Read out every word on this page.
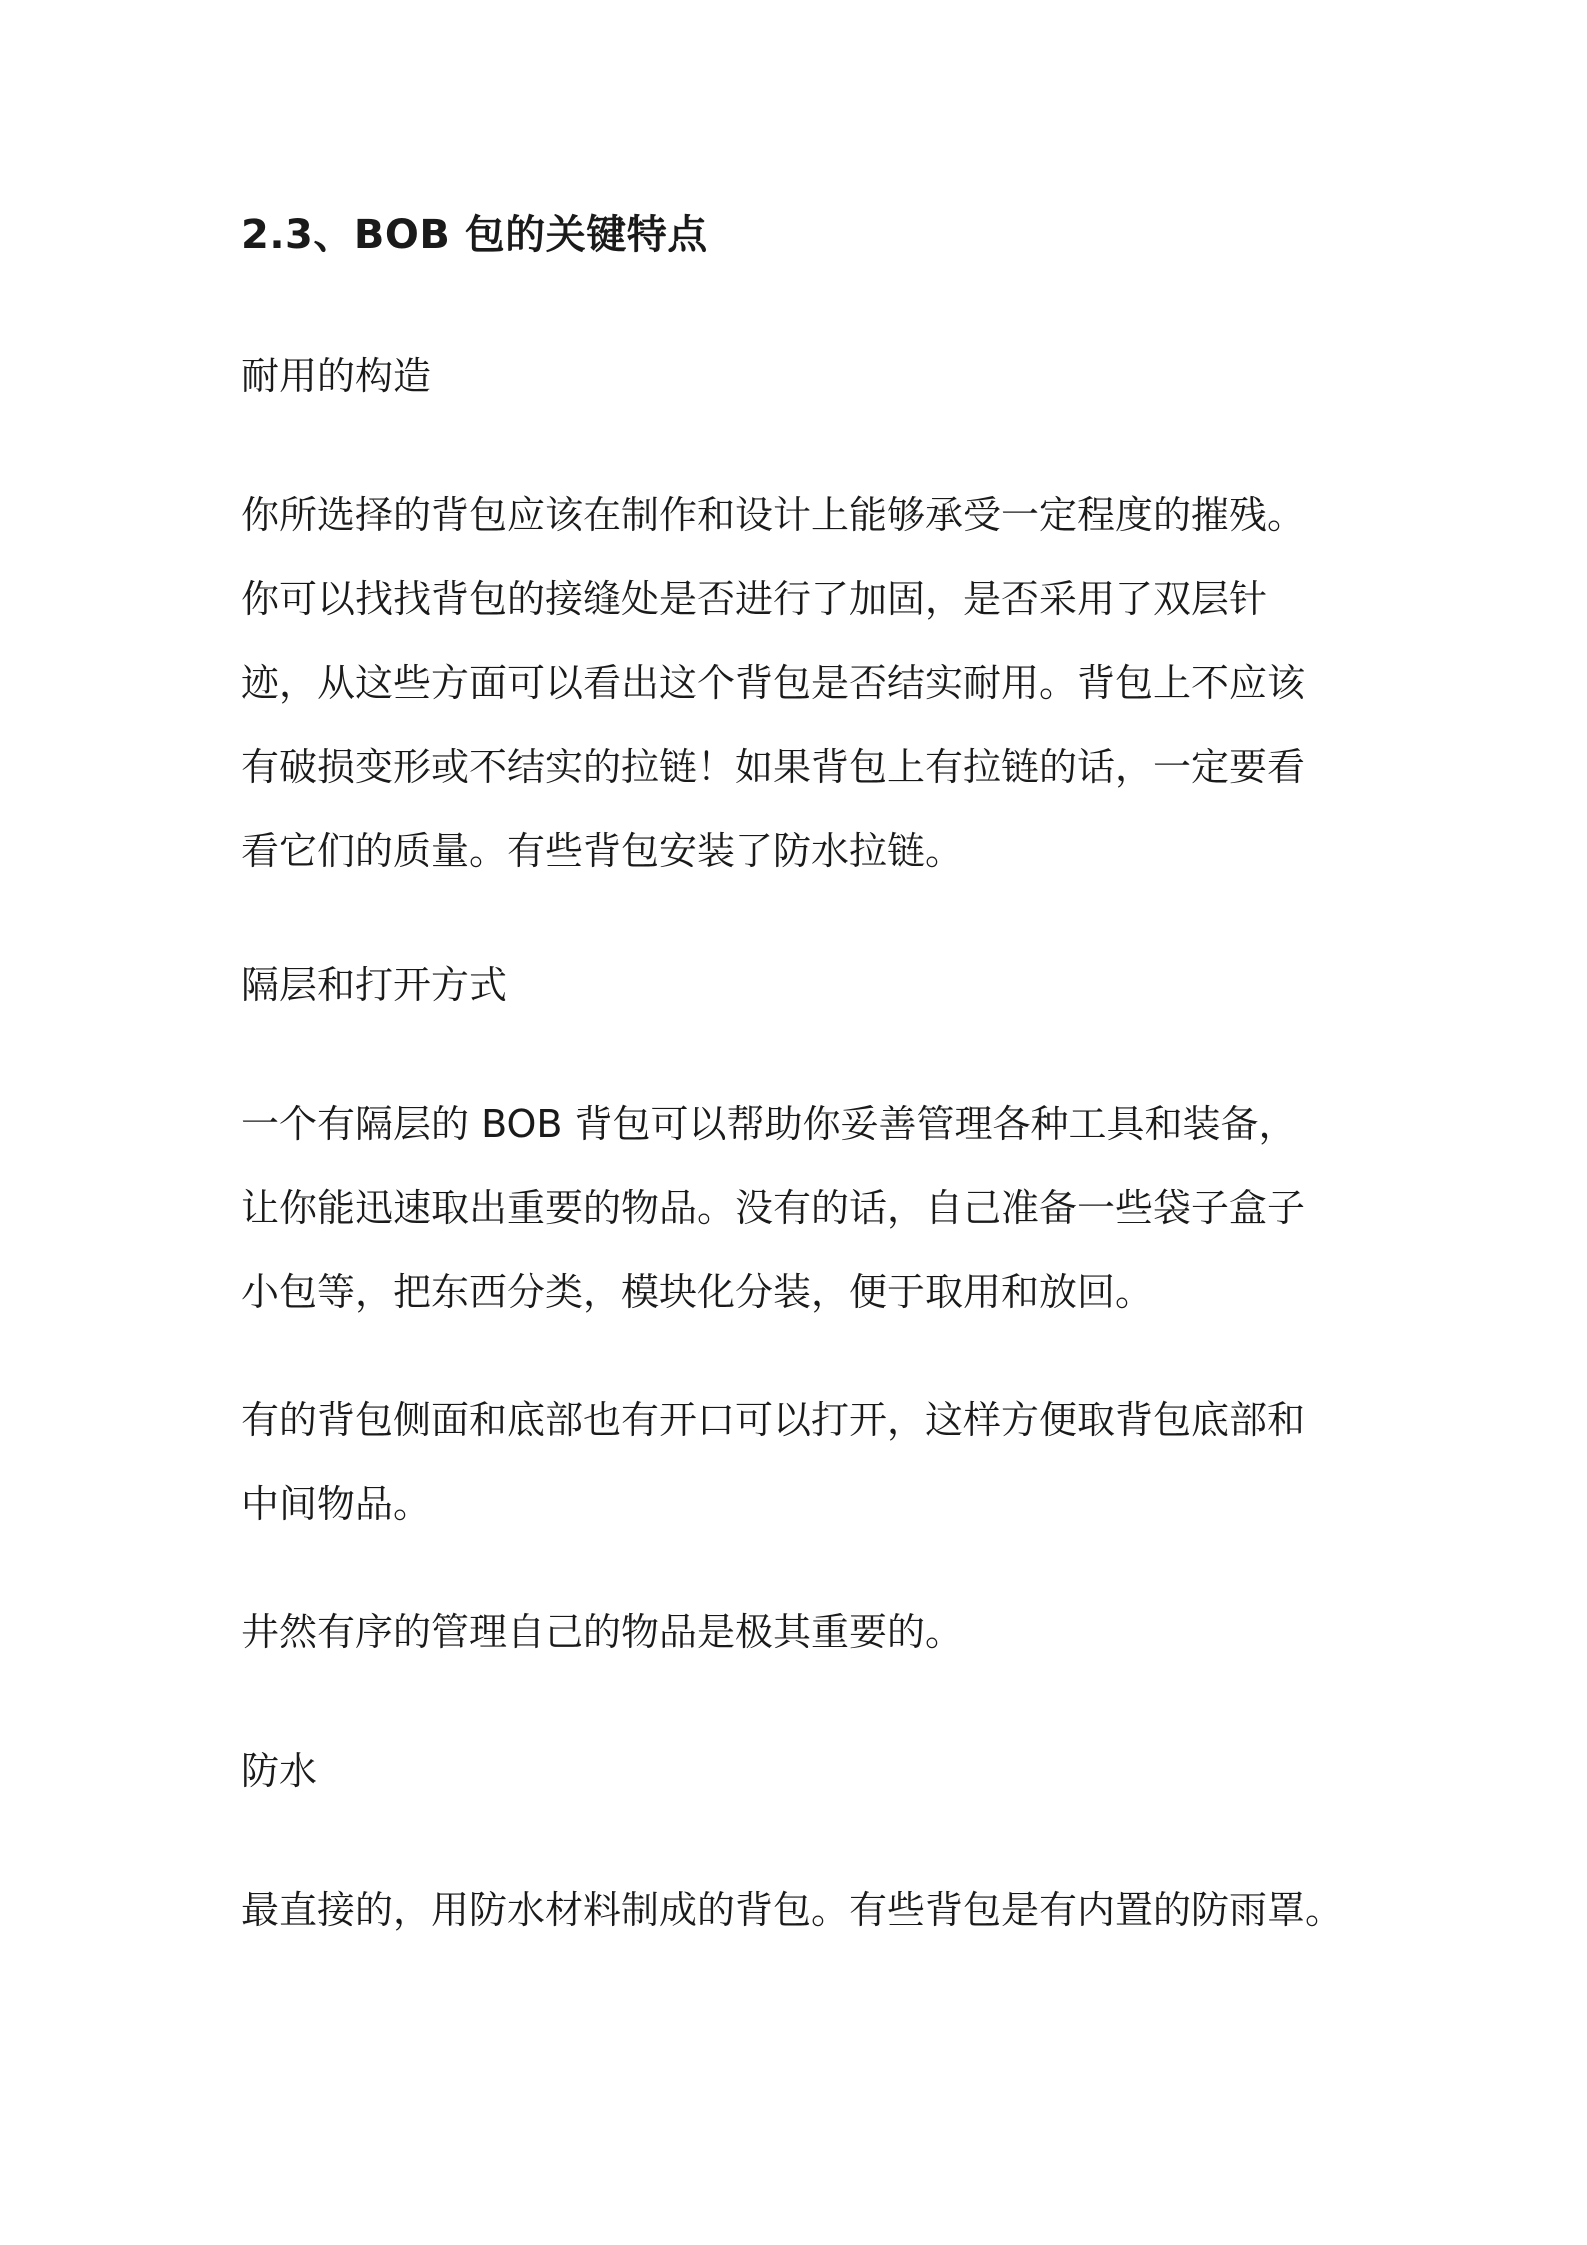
2.3、BOB 包的关键特点

耐用的构造

你所选择的背包应该在制作和设计上能够承受一定程度的摧残。
你可以找找背包的接缝处是否进行了加固，是否采用了双层针
迹，从这些方面可以看出这个背包是否结实耐用。背包上不应该
有破损变形或不结实的拉链！如果背包上有拉链的话，一定要看
看它们的质量。有些背包安装了防水拉链。

隔层和打开方式

一个有隔层的 BOB 背包可以帮助你妥善管理各种工具和装备，
让你能迅速取出重要的物品。没有的话，自己准备一些袋子盒子
小包等，把东西分类，模块化分装，便于取用和放回。

有的背包侧面和底部也有开口可以打开，这样方便取背包底部和
中间物品。

井然有序的管理自己的物品是极其重要的。

防水

最直接的，用防水材料制成的背包。有些背包是有内置的防雨罩。
